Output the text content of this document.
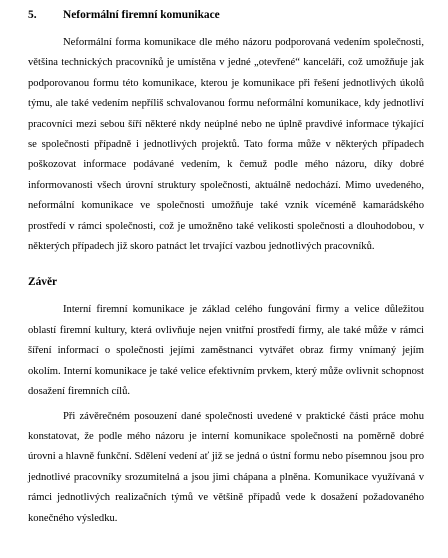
5. Neformální firemní komunikace

Neformální forma komunikace dle mého názoru podporovaná vedením společnosti, většina technických pracovníků je umístěna v jedné „otevřené“ kanceláři, což umožňuje jak podporovanou formu této komunikace, kterou je komunikace při řešení jednotlivých úkolů týmu, ale také vedením nepříliš schvalovanou formu neformální komunikace, kdy jednotliví pracovníci mezi sebou šíří některé nkdy neúplné nebo ne úplně pravdivé informace týkající se společnosti případně i jednotlivých projektů. Tato forma může v některých případech poškozovat informace podávané vedením, k čemuž podle mého názoru, díky dobré informovanosti všech úrovní struktury společnosti, aktuálně nedochází. Mimo uvedeného, neformální komunikace ve společnosti umožňuje také vznik víceméně kamarádského prostředí v rámci společnosti, což je umožněno také velikosti společnosti a dlouhodobou, v některých případech již skoro patnáct let trvající vazbou jednotlivých pracovníků.

Závěr

Interní firemní komunikace je základ celého fungování firmy a velice důležitou oblastí firemní kultury, která ovlivňuje nejen vnitřní prostředí firmy, ale také může v rámci šíření informací o společnosti jejími zaměstnanci vytvářet obraz firmy vnímaný jejím okolím. Interní komunikace je také velice efektivním prvkem, který může ovlivnit schopnost dosažení firemních cílů.

Při závěrečném posouzení dané společnosti uvedené v praktické části práce mohu konstatovat, že podle mého názoru je interní komunikace společnosti na poměrně dobré úrovni a hlavně funkční. Sdělení vedení ať již se jedná o ústní formu nebo písemnou jsou pro jednotlivé pracovníky srozumitelná a jsou jimi chápana a plněna. Komunikace využívaná v rámci jednotlivých realizačních týmů ve většině případů vede k dosažení požadovaného konečného výsledku.
